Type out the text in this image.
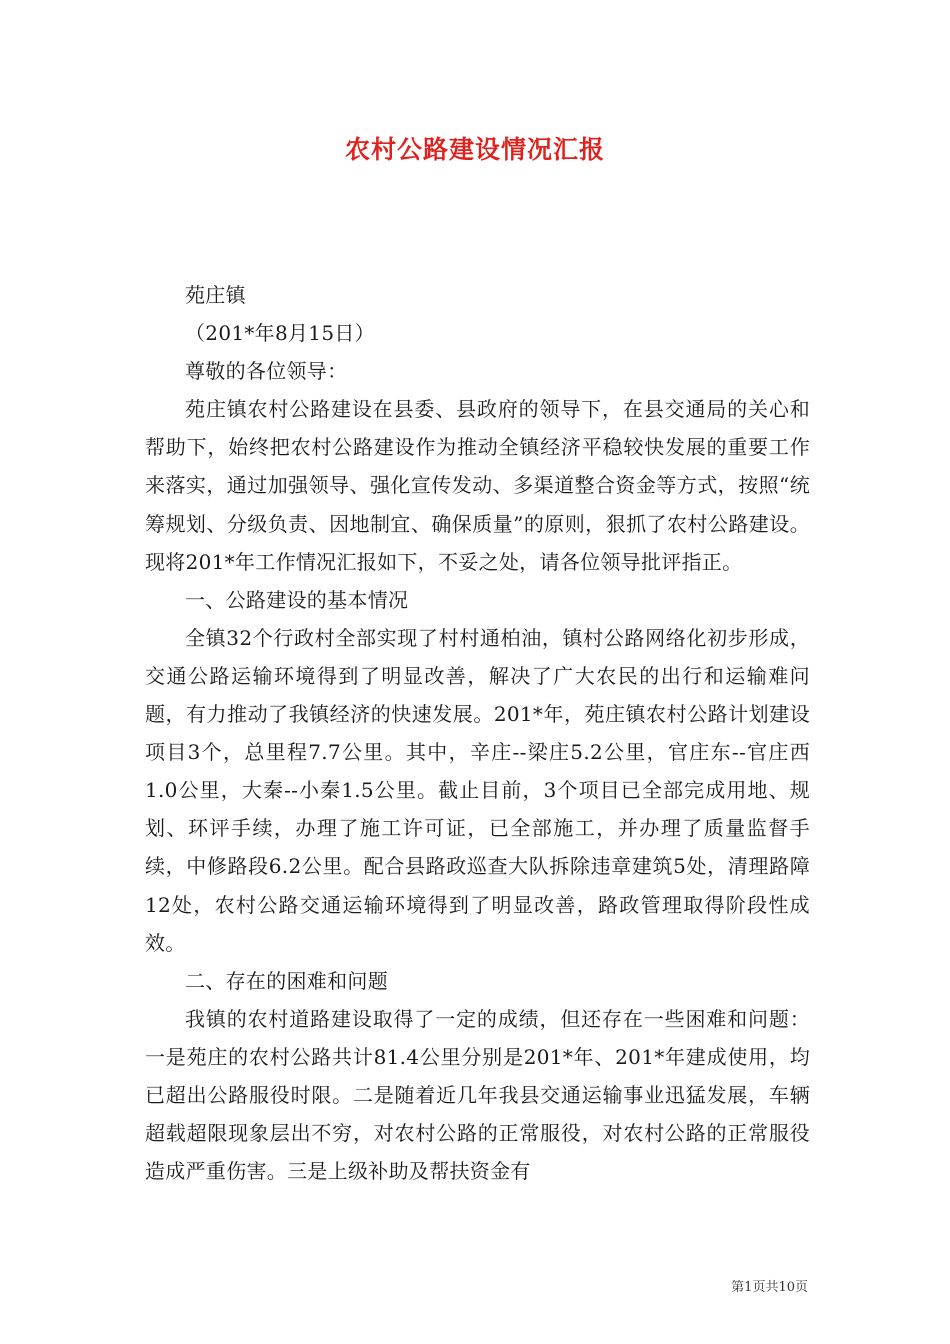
农村公路建设情况汇报

苑庄镇

（201*年8月15日）

尊敬的各位领导：

苑庄镇农村公路建设在县委、县政府的领导下，在县交通局的关心和帮助下，始终把农村公路建设作为推动全镇经济平稳较快发展的重要工作来落实，通过加强领导、强化宣传发动、多渠道整合资金等方式，按照“统筹规划、分级负责、因地制宜、确保质量”的原则，狠抓了农村公路建设。现将201*年工作情况汇报如下，不妥之处，请各位领导批评指正。

一、公路建设的基本情况

全镇32个行政村全部实现了村村通柏油，镇村公路网络化初步形成，交通公路运输环境得到了明显改善，解决了广大农民的出行和运输难问题，有力推动了我镇经济的快速发展。201*年，苑庄镇农村公路计划建设项目3个，总里程7.7公里。其中，辛庄--梁庄5.2公里，官庄东--官庄西1.0公里，大秦--小秦1.5公里。截止目前，3个项目已全部完成用地、规划、环评手续，办理了施工许可证，已全部施工，并办理了质量监督手续，中修路段6.2公里。配合县路政巡查大队拆除违章建筑5处，清理路障12处，农村公路交通运输环境得到了明显改善，路政管理取得阶段性成效。

二、存在的困难和问题

我镇的农村道路建设取得了一定的成绩，但还存在一些困难和问题：一是苑庄的农村公路共计81.4公里分别是201*年、201*年建成使用，均已超出公路服役时限。二是随着近几年我县交通运输事业迅猛发展，车辆超载超限现象层出不穷，对农村公路的正常服役，对农村公路的正常服役造成严重伤害。三是上级补助及帮扶资金有

第1页共10页
